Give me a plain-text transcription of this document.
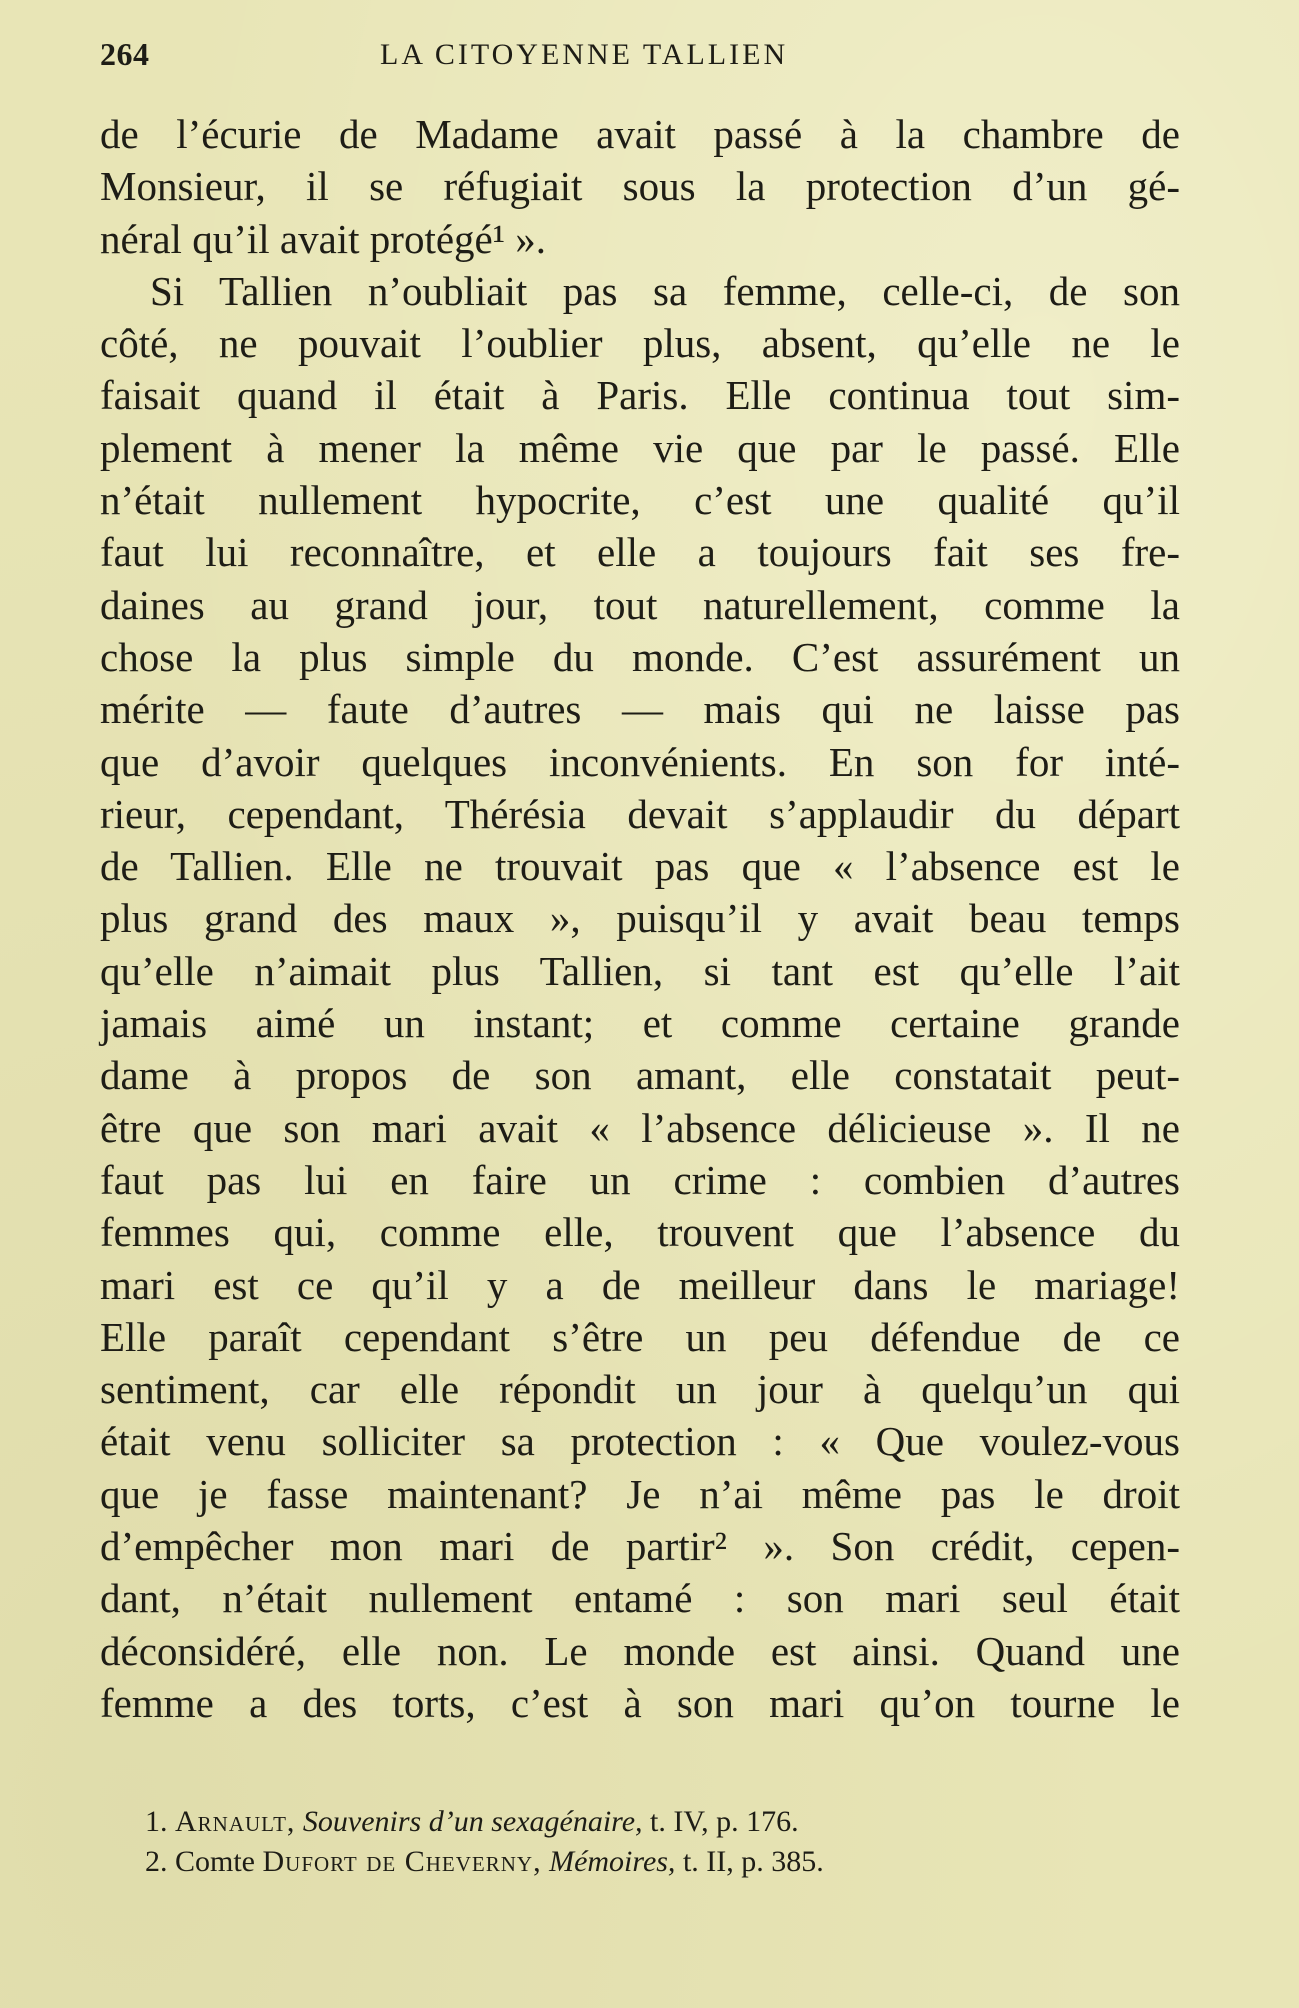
264	LA CITOYENNE TALLIEN
de l’écurie de Madame avait passé à la chambre de
Monsieur, il se réfugiait sous la protection d’un gé-
néral qu’il avait protégé¹ ».
Si Tallien n’oubliait pas sa femme, celle-ci, de son
côté, ne pouvait l’oublier plus, absent, qu’elle ne le
faisait quand il était à Paris. Elle continua tout sim-
plement à mener la même vie que par le passé. Elle
n’était nullement hypocrite, c’est une qualité qu’il
faut lui reconnaître, et elle a toujours fait ses fre-
daines au grand jour, tout naturellement, comme la
chose la plus simple du monde. C’est assurément un
mérite — faute d’autres — mais qui ne laisse pas
que d’avoir quelques inconvénients. En son for inté-
rieur, cependant, Thérésia devait s’applaudir du départ
de Tallien. Elle ne trouvait pas que « l’absence est le
plus grand des maux », puisqu’il y avait beau temps
qu’elle n’aimait plus Tallien, si tant est qu’elle l’ait
jamais aimé un instant; et comme certaine grande
dame à propos de son amant, elle constatait peut-
être que son mari avait « l’absence délicieuse ». Il ne
faut pas lui en faire un crime : combien d’autres
femmes qui, comme elle, trouvent que l’absence du
mari est ce qu’il y a de meilleur dans le mariage!
Elle paraît cependant s’être un peu défendue de ce
sentiment, car elle répondit un jour à quelqu’un qui
était venu solliciter sa protection : « Que voulez-vous
que je fasse maintenant? Je n’ai même pas le droit
d’empêcher mon mari de partir² ». Son crédit, cepen-
dant, n’était nullement entamé : son mari seul était
déconsidéré, elle non. Le monde est ainsi. Quand une
femme a des torts, c’est à son mari qu’on tourne le
1. Arnault, Souvenirs d’un sexagénaire, t. IV, p. 176.
2. Comte Dufort de Cheverny, Mémoires, t. II, p. 385.
